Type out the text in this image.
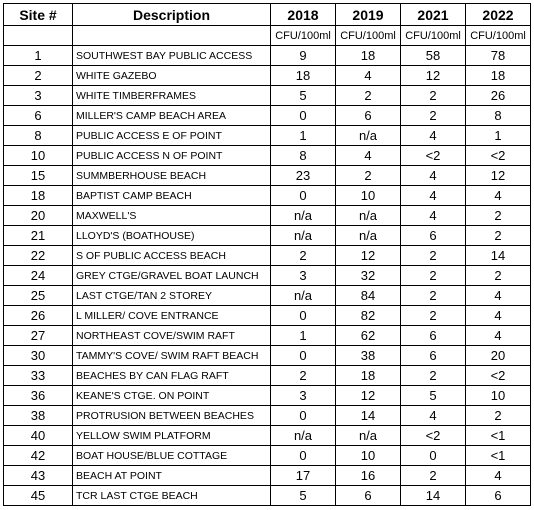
Site #	Description	2018	2019	2021	2022
		CFU/100ml	CFU/100ml	CFU/100ml	CFU/100ml
1	SOUTHWEST BAY PUBLIC ACCESS	9	18	58	78
2	WHITE GAZEBO	18	4	12	18
3	WHITE TIMBERFRAMES	5	2	2	26
6	MILLER'S CAMP BEACH AREA	0	6	2	8
8	PUBLIC ACCESS E OF POINT	1	n/a	4	1
10	PUBLIC ACCESS N OF POINT	8	4	<2	<2
15	SUMMBERHOUSE BEACH	23	2	4	12
18	BAPTIST CAMP BEACH	0	10	4	4
20	MAXWELL'S	n/a	n/a	4	2
21	LLOYD'S (BOATHOUSE)	n/a	n/a	6	2
22	S OF PUBLIC ACCESS BEACH	2	12	2	14
24	GREY CTGE/GRAVEL BOAT LAUNCH	3	32	2	2
25	LAST CTGE/TAN 2 STOREY	n/a	84	2	4
26	L MILLER/ COVE ENTRANCE	0	82	2	4
27	NORTHEAST COVE/SWIM RAFT	1	62	6	4
30	TAMMY'S COVE/ SWIM RAFT BEACH	0	38	6	20
33	BEACHES BY CAN FLAG RAFT	2	18	2	<2
36	KEANE'S CTGE. ON POINT	3	12	5	10
38	PROTRUSION BETWEEN BEACHES	0	14	4	2
40	YELLOW SWIM PLATFORM	n/a	n/a	<2	<1
42	BOAT HOUSE/BLUE COTTAGE	0	10	0	<1
43	BEACH AT POINT	17	16	2	4
45	TCR LAST CTGE BEACH	5	6	14	6
